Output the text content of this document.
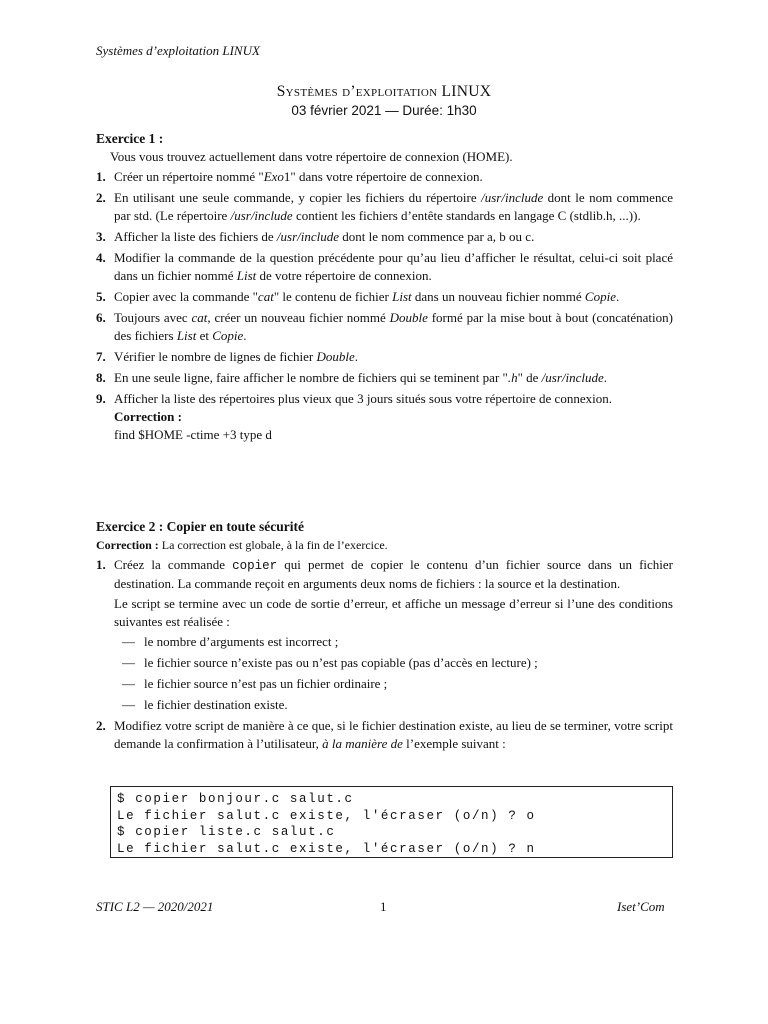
Systèmes d’exploitation LINUX
Systèmes d’exploitation LINUX
03 février 2021 — Durée: 1h30
Exercice 1 :
Vous vous trouvez actuellement dans votre répertoire de connexion (HOME).
1. Créer un répertoire nommé "Exo1" dans votre répertoire de connexion.
2. En utilisant une seule commande, y copier les fichiers du répertoire /usr/include dont le nom commence par std. (Le répertoire /usr/include contient les fichiers d’entête standards en langage C (stdlib.h, ...)).
3. Afficher la liste des fichiers de /usr/include dont le nom commence par a, b ou c.
4. Modifier la commande de la question précédente pour qu’au lieu d’afficher le résultat, celui-ci soit placé dans un fichier nommé List de votre répertoire de connexion.
5. Copier avec la commande "cat" le contenu de fichier List dans un nouveau fichier nommé Copie.
6. Toujours avec cat, créer un nouveau fichier nommé Double formé par la mise bout à bout (concaténation) des fichiers List et Copie.
7. Vérifier le nombre de lignes de fichier Double.
8. En une seule ligne, faire afficher le nombre de fichiers qui se teminent par ".h" de /usr/include.
9. Afficher la liste des répertoires plus vieux que 3 jours situés sous votre répertoire de connexion.
Correction :
find $HOME -ctime +3 type d
Exercice 2 : Copier en toute sécurité
Correction : La correction est globale, à la fin de l’exercice.
1. Créez la commande copier qui permet de copier le contenu d’un fichier source dans un fichier destination. La commande reçoit en arguments deux noms de fichiers : la source et la destination.

Le script se termine avec un code de sortie d’erreur, et affiche un message d’erreur si l’une des conditions suivantes est réalisée :

— le nombre d’arguments est incorrect ;
— le fichier source n’existe pas ou n’est pas copiable (pas d’accès en lecture) ;
— le fichier source n’est pas un fichier ordinaire ;
— le fichier destination existe.
2. Modifiez votre script de manière à ce que, si le fichier destination existe, au lieu de se terminer, votre script demande la confirmation à l’utilisateur, à la manière de l’exemple suivant :
$ copier bonjour.c salut.c
Le fichier salut.c existe, l'écraser (o/n) ? o
$ copier liste.c salut.c
Le fichier salut.c existe, l'écraser (o/n) ? n
STIC L2 — 2020/2021	1	Iset’Com
